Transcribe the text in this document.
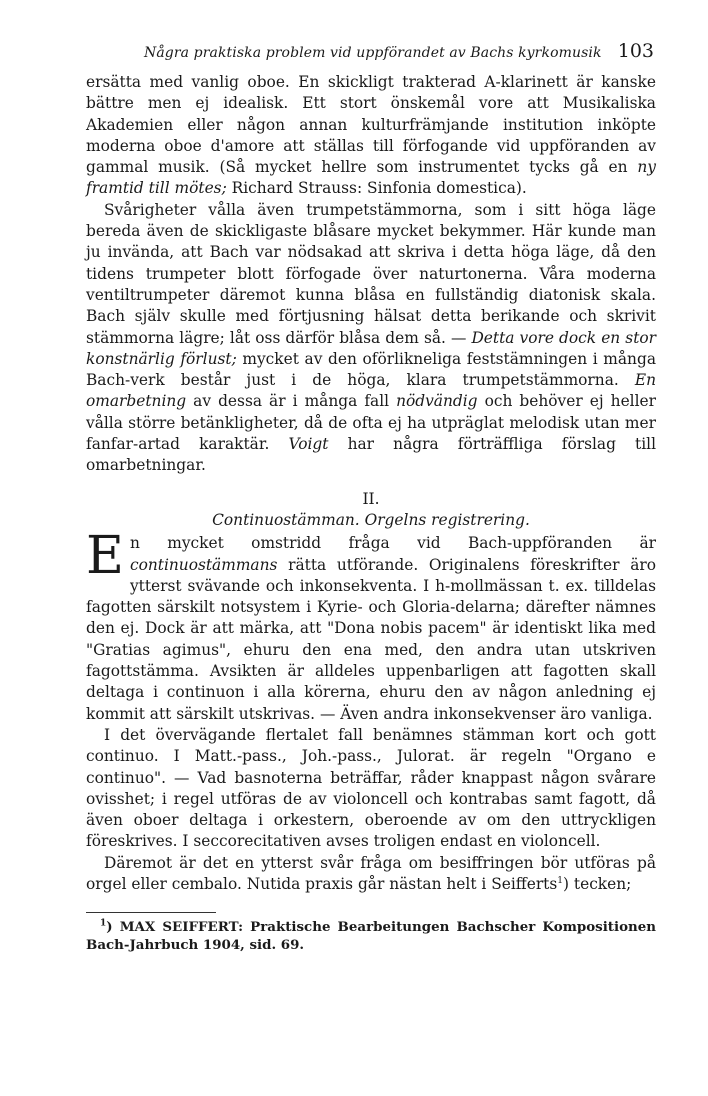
Några praktiska problem vid uppförandet av Bachs kyrkomusik 103

ersätta med vanlig oboe. En skickligt trakterad A-klarinett är kanske bättre men ej idealisk. Ett stort önskemål vore att Musikaliska Akademien eller någon annan kulturfrämjande institution inköpte moderna oboe d'amore att ställas till förfogande vid uppföranden av gammal musik. (Så mycket hellre som instrumentet tycks gå en ny framtid till mötes; Richard Strauss: Sinfonia domestica).

Svårigheter vålla även trumpetstämmorna, som i sitt höga läge bereda även de skickligaste blåsare mycket bekymmer. Här kunde man ju invända, att Bach var nödsakad att skriva i detta höga läge, då den tidens trumpeter blott förfogade över naturtonerna. Våra moderna ventiltrumpeter däremot kunna blåsa en fullständig diatonisk skala. Bach själv skulle med förtjusning hälsat detta berikande och skrivit stämmorna lägre; låt oss därför blåsa dem så. — Detta vore dock en stor konstnärlig förlust; mycket av den oförlikneliga feststämningen i många Bach-verk består just i de höga, klara trumpetstämmorna. En omarbetning av dessa är i många fall nödvändig och behöver ej heller vålla större betänkligheter, då de ofta ej ha utpräglat melodisk utan mer fanfar-artad karaktär. Voigt har några förträffliga förslag till omarbetningar.

II.

Continuostämman. Orgelns registrering.

En mycket omstridd fråga vid Bach-uppföranden är continuostämmans rätta utförande. Originalens föreskrifter äro ytterst svävande och inkonsekventa. I h-mollmässan t. ex. tilldelas fagotten särskilt notsystem i Kyrie- och Gloria-delarna; därefter nämnes den ej. Dock är att märka, att "Dona nobis pacem" är identiskt lika med "Gratias agimus", ehuru den ena med, den andra utan utskriven fagottstämma. Avsikten är alldeles uppenbarligen att fagotten skall deltaga i continuon i alla körerna, ehuru den av någon anledning ej kommit att särskilt utskrivas. — Även andra inkonsekvenser äro vanliga.

I det övervägande flertalet fall benämnes stämman kort och gott continuo. I Matt.-pass., Joh.-pass., Julorat. är regeln "Organo e continuo". — Vad basnoterna beträffar, råder knappast någon svårare ovisshet; i regel utföras de av violoncell och kontrabas samt fagott, då även oboer deltaga i orkestern, oberoende av om den uttryckligen föreskrives. I seccorecitativen avses troligen endast en violoncell.

Däremot är det en ytterst svår fråga om besiffringen bör utföras på orgel eller cembalo. Nutida praxis går nästan helt i Seifferts$^1$) tecken;

$^1$) MAX SEIFFERT: Praktische Bearbeitungen Bachscher Kompositionen Bach-Jahrbuch 1904, sid. 69.
